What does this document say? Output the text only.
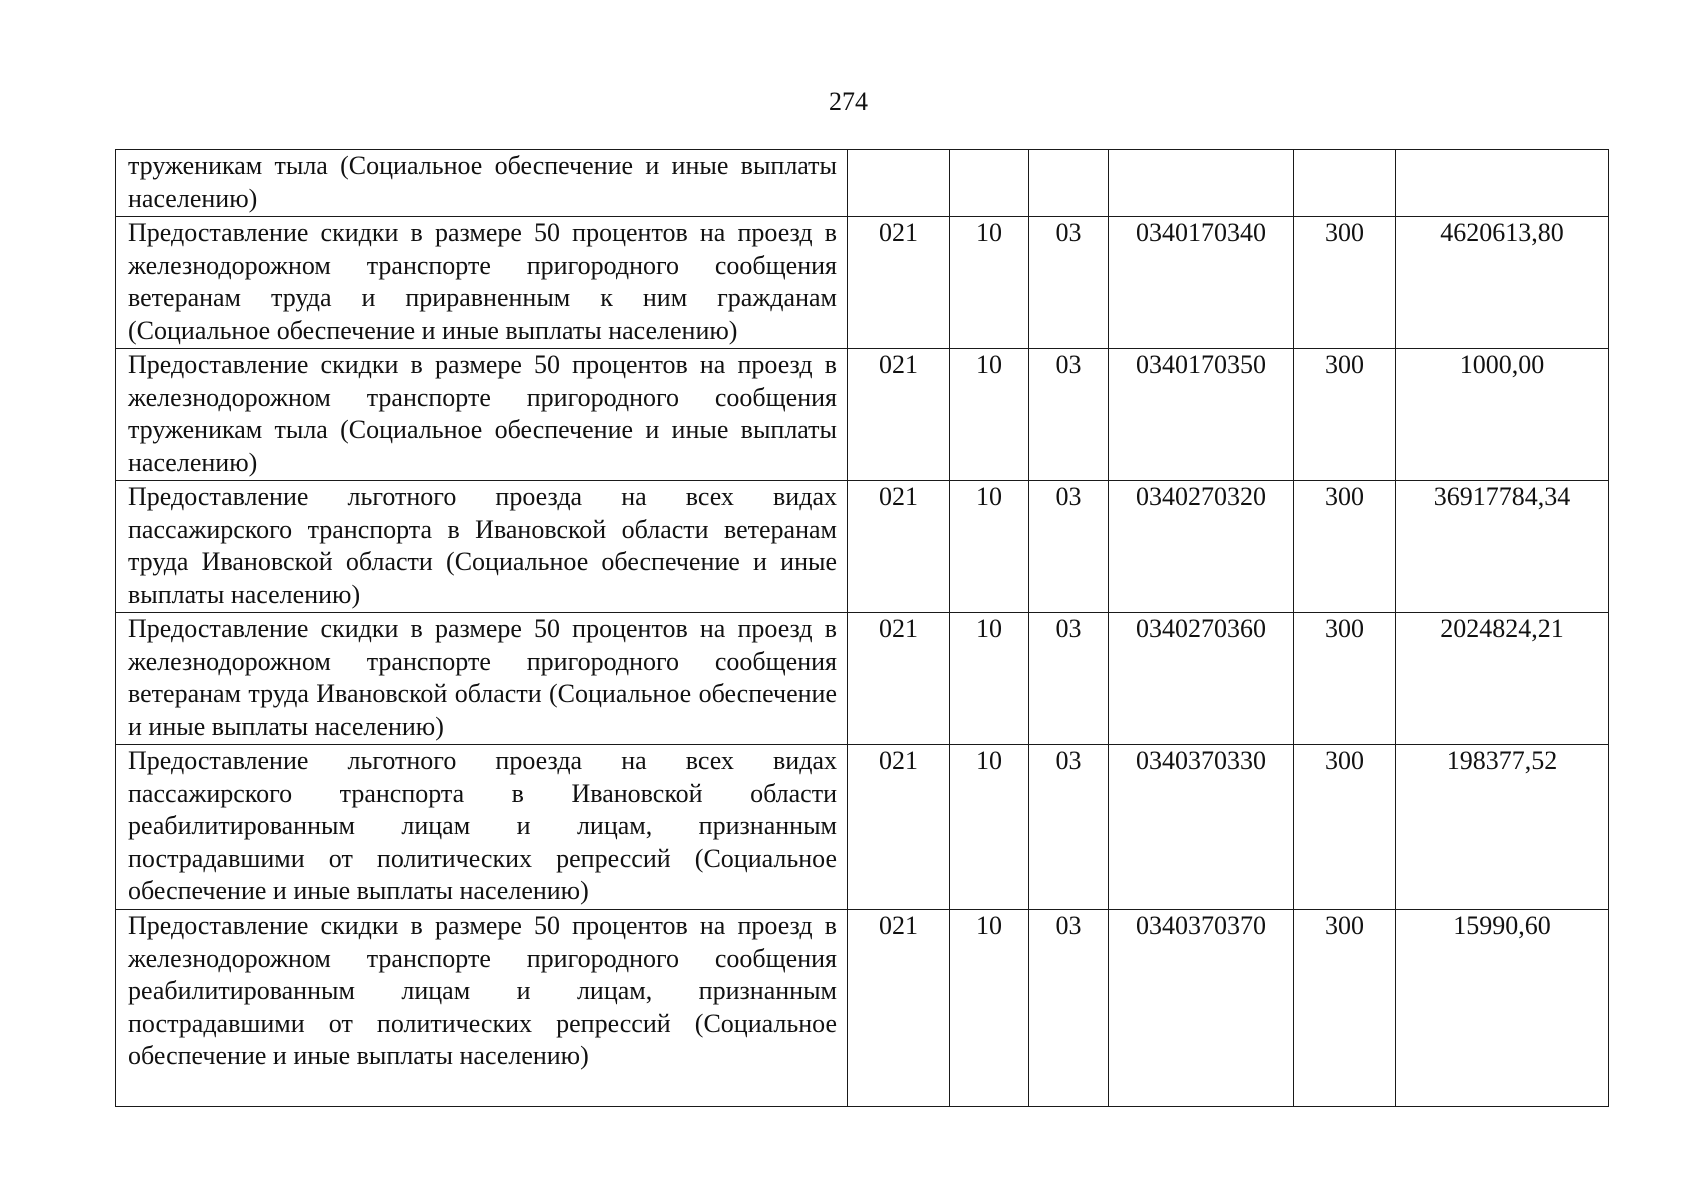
274
труженикам тыла (Социальное обеспечение и иные выплаты населению)						
Предоставление скидки в размере 50 процентов на проезд в железнодорожном транспорте пригородного сообщения ветеранам труда и приравненным к ним гражданам (Социальное обеспечение и иные выплаты населению)	021	10	03	0340170340	300	4620613,80
Предоставление скидки в размере 50 процентов на проезд в железнодорожном транспорте пригородного сообщения труженикам тыла (Социальное обеспечение и иные выплаты населению)	021	10	03	0340170350	300	1000,00
Предоставление льготного проезда на всех видах пассажирского транспорта в Ивановской области ветеранам труда Ивановской области (Социальное обеспечение и иные выплаты населению)	021	10	03	0340270320	300	36917784,34
Предоставление скидки в размере 50 процентов на проезд в железнодорожном транспорте пригородного сообщения ветеранам труда Ивановской области (Социальное обеспечение и иные выплаты населению)	021	10	03	0340270360	300	2024824,21
Предоставление льготного проезда на всех видах пассажирского транспорта в Ивановской области реабилитированным лицам и лицам, признанным пострадавшими от политических репрессий (Социальное обеспечение и иные выплаты населению)	021	10	03	0340370330	300	198377,52
Предоставление скидки в размере 50 процентов на проезд в железнодорожном транспорте пригородного сообщения реабилитированным лицам и лицам, признанным пострадавшими от политических репрессий (Социальное обеспечение и иные выплаты населению)	021	10	03	0340370370	300	15990,60
